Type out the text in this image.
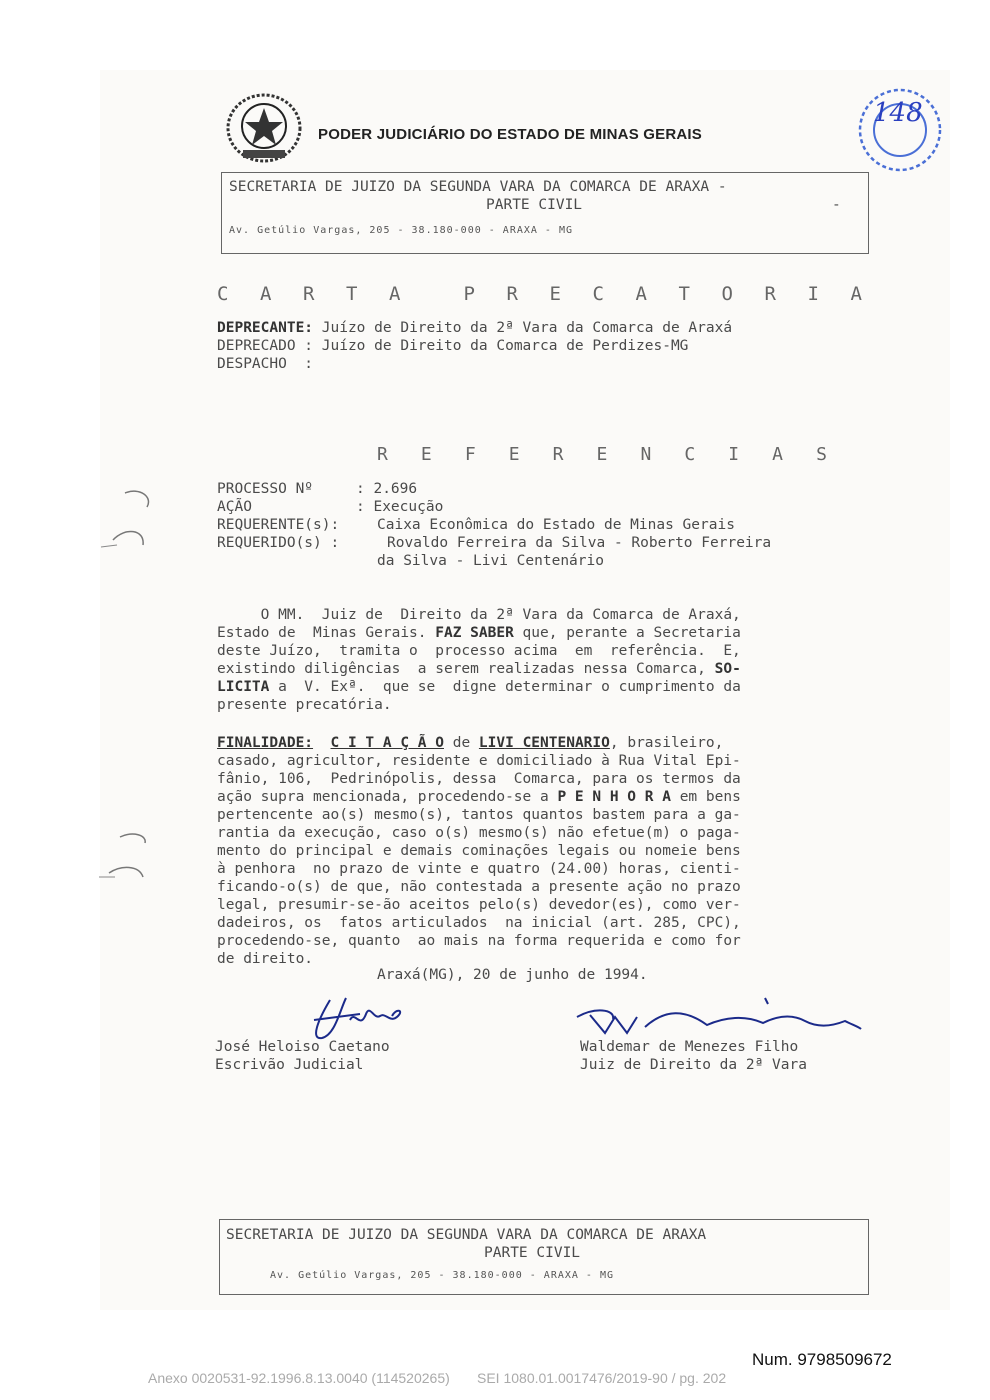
PODER JUDICIÁRIO DO ESTADO DE MINAS GERAIS
148
SECRETARIA DE JUIZO DA SEGUNDA VARA DA COMARCA DE ARAXA -
PARTE CIVIL	-
Av. Getúlio Vargas, 205 - 38.180-000 - ARAXA - MG
C A R T A	P R E C A T O R I A
DEPRECANTE: Juízo de Direito da 2ª Vara da Comarca de Araxá
DEPRECADO : Juízo de Direito da Comarca de Perdizes-MG
DESPACHO  :
R E F E R E N C I A S
PROCESSO Nº	: 2.696
AÇÃO	: Execução
REQUERENTE(s):	Caixa Econômica do Estado de Minas Gerais
REQUERIDO(s) :	Rovaldo Ferreira da Silva - Roberto Ferreira
da Silva - Livi Centenário
O MM.  Juiz de  Direito da 2ª Vara da Comarca de Araxá,
Estado de  Minas Gerais. FAZ SABER que, perante a Secretaria
deste Juízo,  tramita o  processo acima  em  referência.  E,
existindo diligências  a serem realizadas nessa Comarca, SO-
LICITA a  V. Exª.  que se  digne determinar o cumprimento da
presente precatória.
FINALIDADE: C I T A Ç Ã O de LIVI CENTENARIO, brasileiro,
casado, agricultor, residente e domiciliado à Rua Vital Epi-
fânio, 106,  Pedrinópolis, dessa  Comarca, para os termos da
ação supra mencionada, procedendo-se a P E N H O R A em bens
pertencente ao(s) mesmo(s), tantos quantos bastem para a ga-
rantia da execução, caso o(s) mesmo(s) não efetue(m) o paga-
mento do principal e demais cominações legais ou nomeie bens
à penhora  no prazo de vinte e quatro (24.00) horas, cienti-
ficando-o(s) de que, não contestada a presente ação no prazo
legal, presumir-se-ão aceitos pelo(s) devedor(es), como ver-
dadeiros, os  fatos articulados  na inicial (art. 285, CPC),
procedendo-se, quanto  ao mais na forma requerida e como for
de direito.
Araxá(MG), 20 de junho de 1994.
José Heloiso Caetano
Escrivão Judicial
Waldemar de Menezes Filho
Juiz de Direito da 2ª Vara
SECRETARIA DE JUIZO DA SEGUNDA VARA DA COMARCA DE ARAXA
PARTE CIVIL
Av. Getúlio Vargas, 205 - 38.180-000 - ARAXA - MG
Num. 9798509672
Anexo 0020531-92.1996.8.13.0040 (114520265)       SEI 1080.01.0017476/2019-90 / pg. 202
